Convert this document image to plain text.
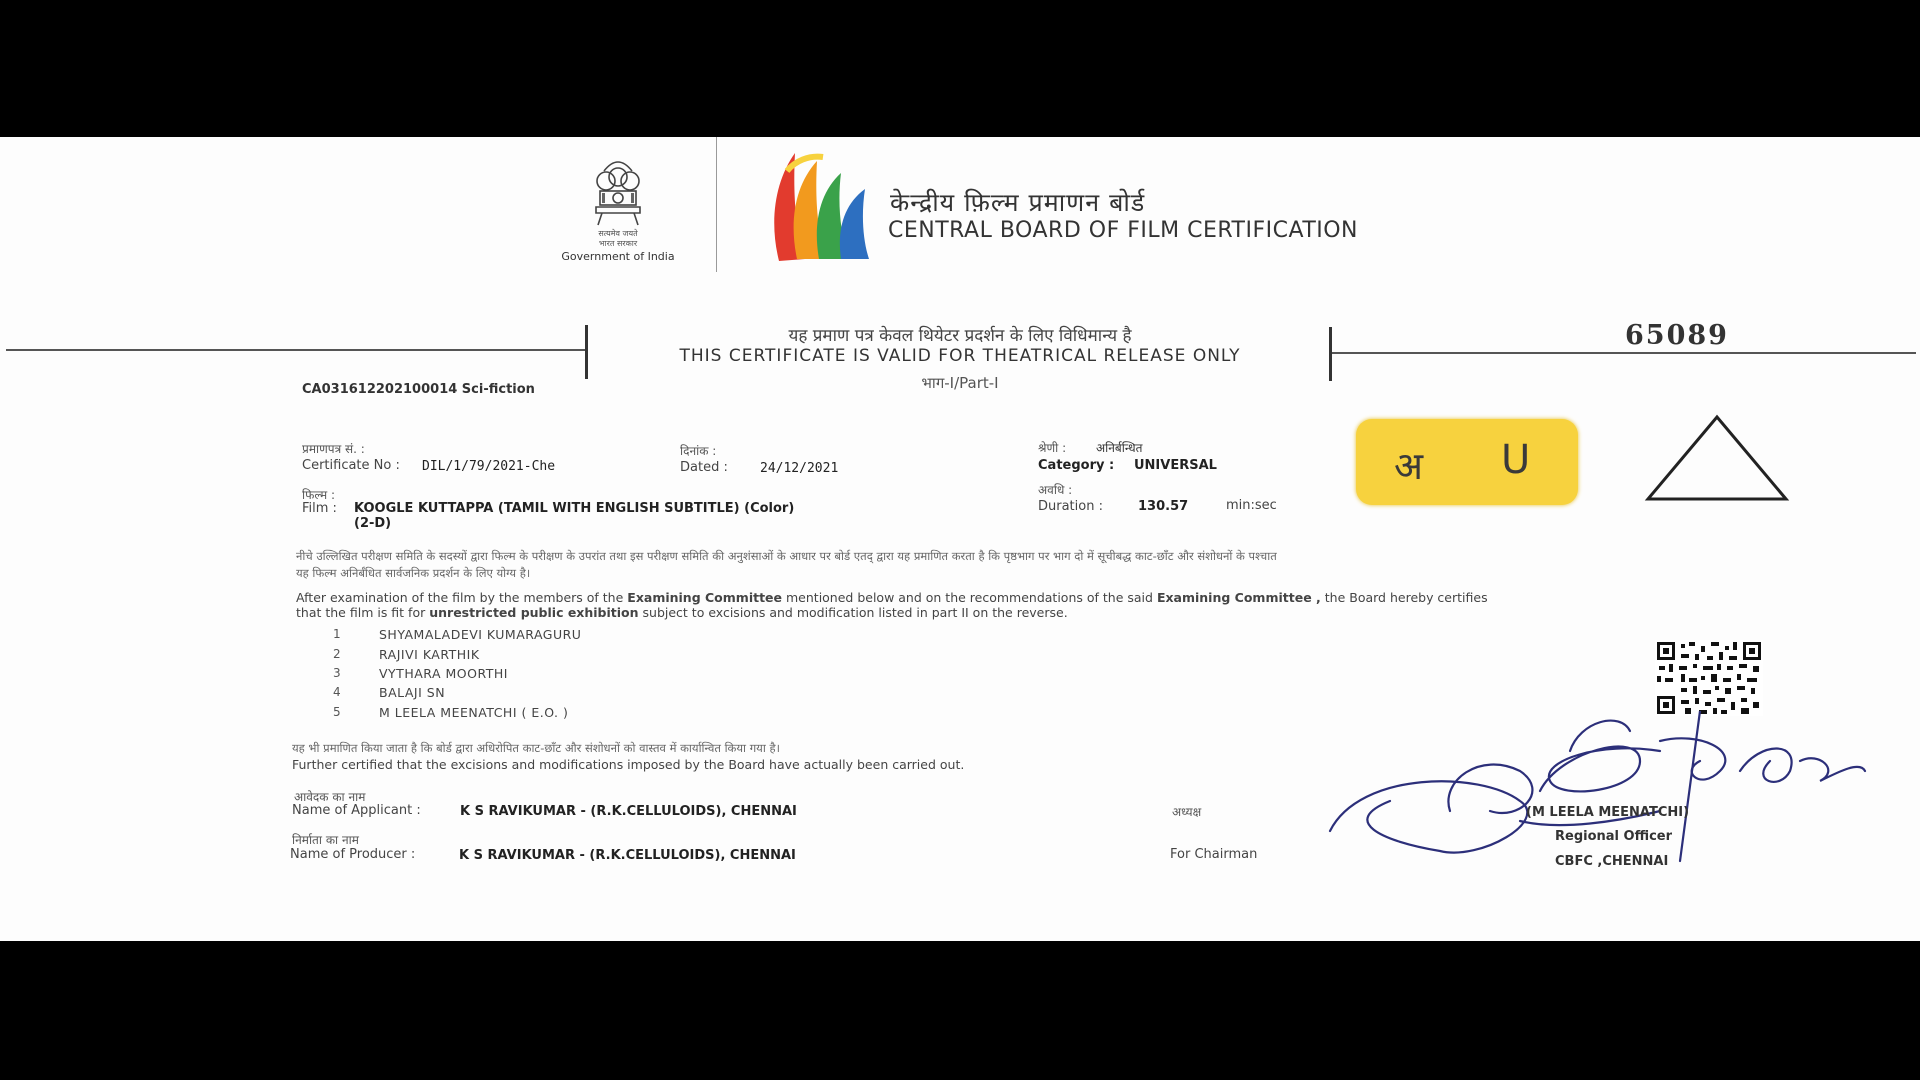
सत्यमेव जयते
भारत सरकार
Government of India
केन्द्रीय फ़िल्म प्रमाणन बोर्ड
CENTRAL BOARD OF FILM CERTIFICATION
यह प्रमाण पत्र केवल थियेटर प्रदर्शन के लिए विधिमान्य है
THIS CERTIFICATE IS VALID FOR THEATRICAL RELEASE ONLY
भाग-I/Part-I
65089
CA031612202100014 Sci-fiction
प्रमाणपत्र सं. :
Certificate No : DIL/1/79/2021-Che
दिनांक :
Dated : 24/12/2021
श्रेणी : अनिर्बन्धित
Category : UNIVERSAL
फिल्म :
Film : KOOGLE KUTTAPPA (TAMIL WITH ENGLISH SUBTITLE) (Color)
(2-D)
अवधि :
Duration :	130.57	min:sec
अ U
नीचे उल्लिखित परीक्षण समिति के सदस्यों द्वारा फिल्म के परीक्षण के उपरांत तथा इस परीक्षण समिति की अनुशंसाओं के आधार पर बोर्ड एतद् द्वारा यह प्रमाणित करता है कि पृष्ठभाग पर भाग दो में सूचीबद्ध काट-छाँट और संशोधनों के पश्चात
यह फिल्म अनिर्बंधित सार्वजनिक प्रदर्शन के लिए योग्य है।
After examination of the film by the members of the Examining Committee mentioned below and on the recommendations of the said Examining Committee , the Board hereby certifies
that the film is fit for unrestricted public exhibition subject to excisions and modification listed in part II on the reverse.
1	SHYAMALADEVI KUMARAGURU
2	RAJIVI KARTHIK
3	VYTHARA MOORTHI
4	BALAJI SN
5	M LEELA MEENATCHI ( E.O. )
यह भी प्रमाणित किया जाता है कि बोर्ड द्वारा अधिरोपित काट-छाँट और संशोधनों को वास्तव में कार्यान्वित किया गया है।
Further certified that the excisions and modifications imposed by the Board have actually been carried out.
आवेदक का नाम
Name of Applicant :	K S RAVIKUMAR - (R.K.CELLULOIDS), CHENNAI
निर्माता का नाम
Name of Producer :	K S RAVIKUMAR - (R.K.CELLULOIDS), CHENNAI
अध्यक्ष
For Chairman
(M LEELA MEENATCHI)
Regional Officer
CBFC ,CHENNAI
